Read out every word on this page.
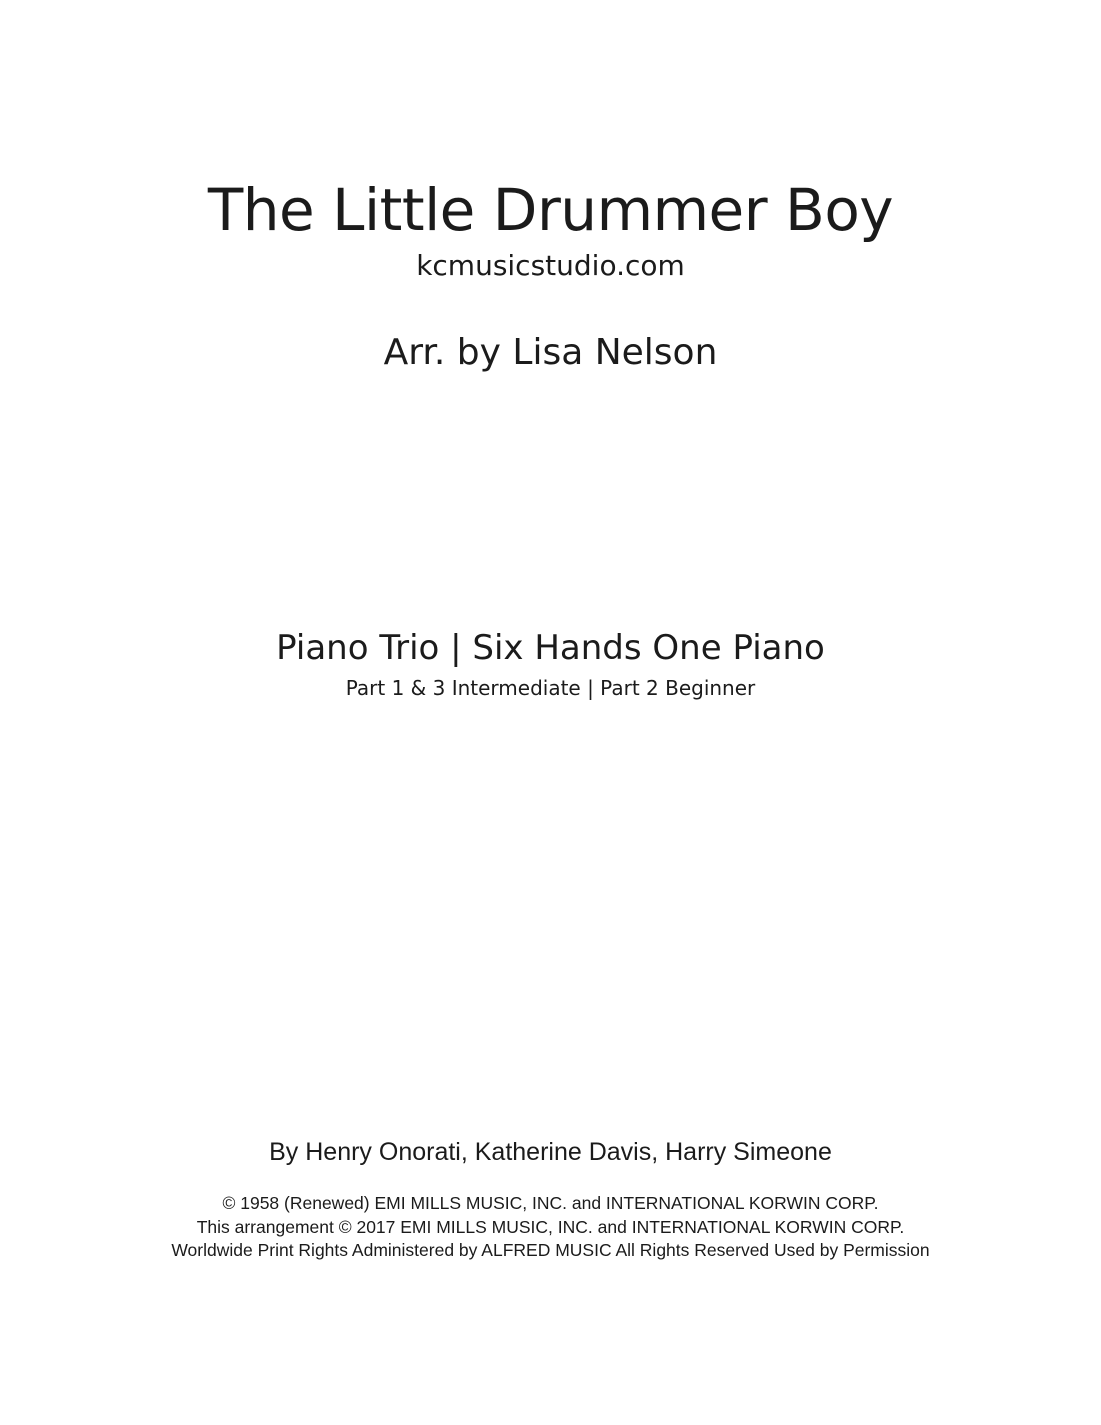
The Little Drummer Boy
kcmusicstudio.com
Arr. by Lisa Nelson
Piano Trio | Six Hands One Piano
Part 1 & 3 Intermediate | Part 2 Beginner
By Henry Onorati, Katherine Davis, Harry Simeone
© 1958 (Renewed) EMI MILLS MUSIC, INC. and INTERNATIONAL KORWIN CORP.
This arrangement © 2017 EMI MILLS MUSIC, INC. and INTERNATIONAL KORWIN CORP.
Worldwide Print Rights Administered by ALFRED MUSIC All Rights Reserved Used by Permission
